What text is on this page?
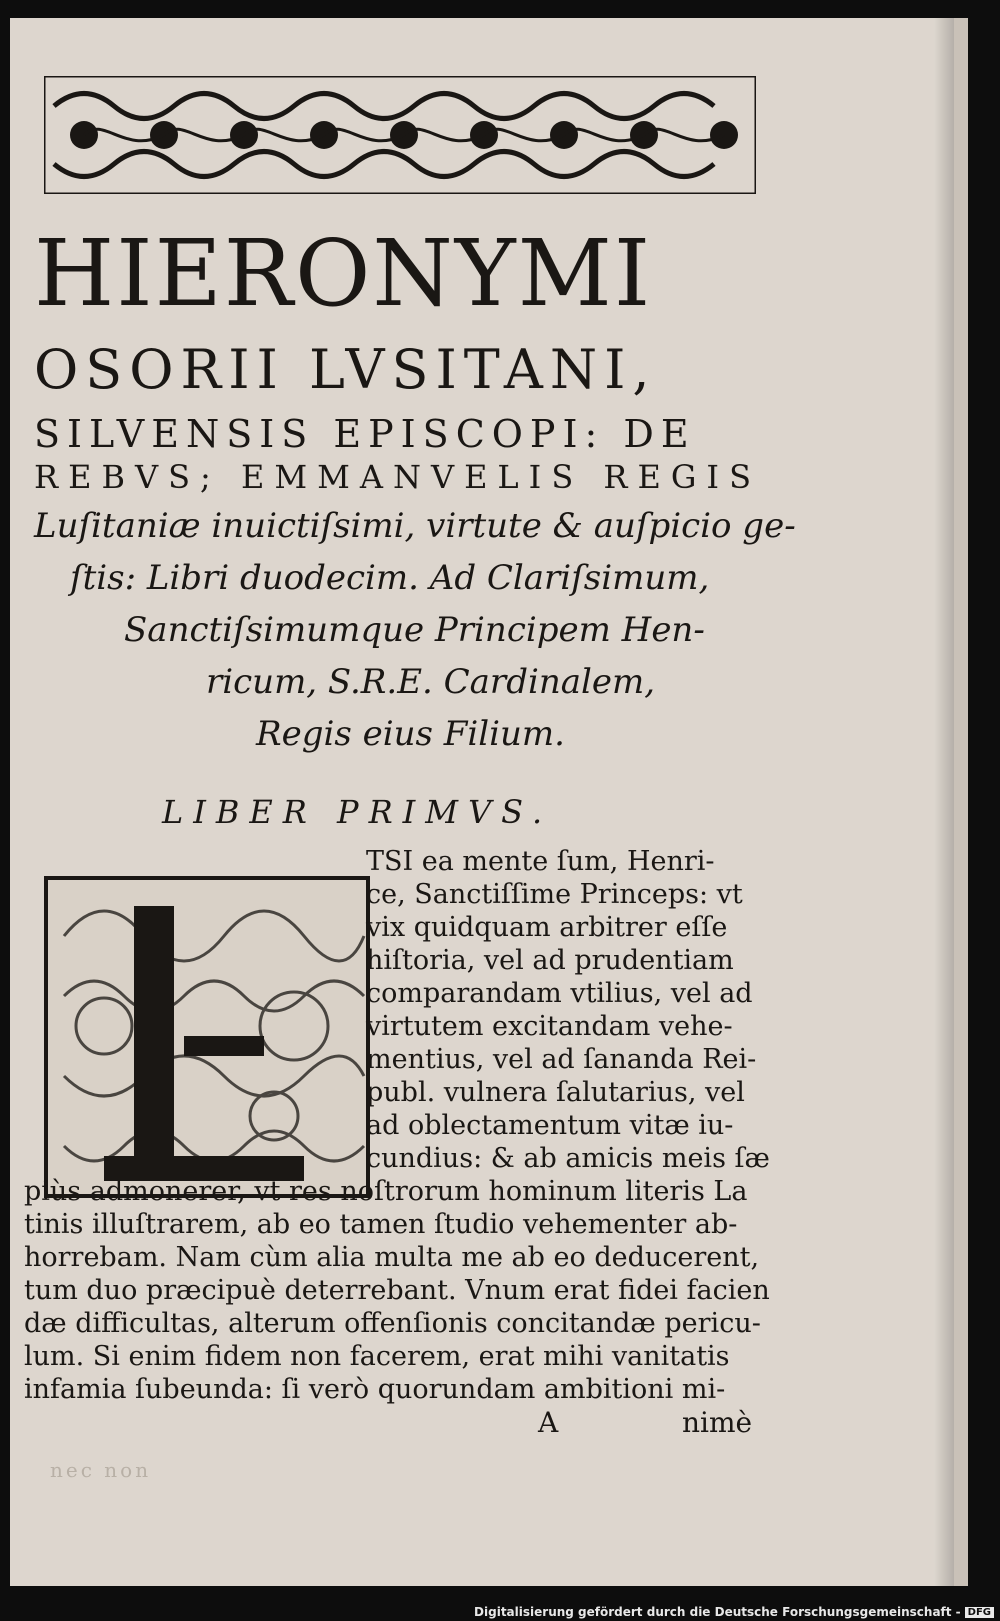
HIERONYMI
OSORII LVSITANI,
SILVENSIS EPISCOPI: DE
REBVS; EMMANVELIS REGIS
Luſitaniæ inuictiſsimi, virtute & auſpicio ge-
ſtis: Libri duodecim. Ad Clariſsimum,
Sanctiſsimumque Principem Hen-
ricum, S.R.E. Cardinalem,
Regis eius Filium.
LIBER PRIMVS.
TSI ea mente ſum, Henri-
ce, Sanctiſſime Princeps: vt
vix quidquam arbitrer eſſe
hiſtoria, vel ad prudentiam
comparandam vtilius, vel ad
virtutem excitandam vehe-
mentius, vel ad ſananda Rei-
publ. vulnera ſalutarius, vel
ad oblectamentum vitæ iu-
cundius: & ab amicis meis ſæ
piùs admonerer, vt res noſtrorum hominum literis La
tinis illuſtrarem, ab eo tamen ſtudio vehementer ab-
horrebam. Nam cùm alia multa me ab eo deducerent,
tum duo præcipuè deterrebant. Vnum erat fidei facien
dæ difficultas, alterum offenſionis concitandæ pericu-
lum. Si enim fidem non facerem, erat mihi vanitatis
infamia ſubeunda: ſi verò quorundam ambitioni mi-
nec non
A	nimè
Digitalisierung gefördert durch die Deutsche Forschungsgemeinschaft - DFG
